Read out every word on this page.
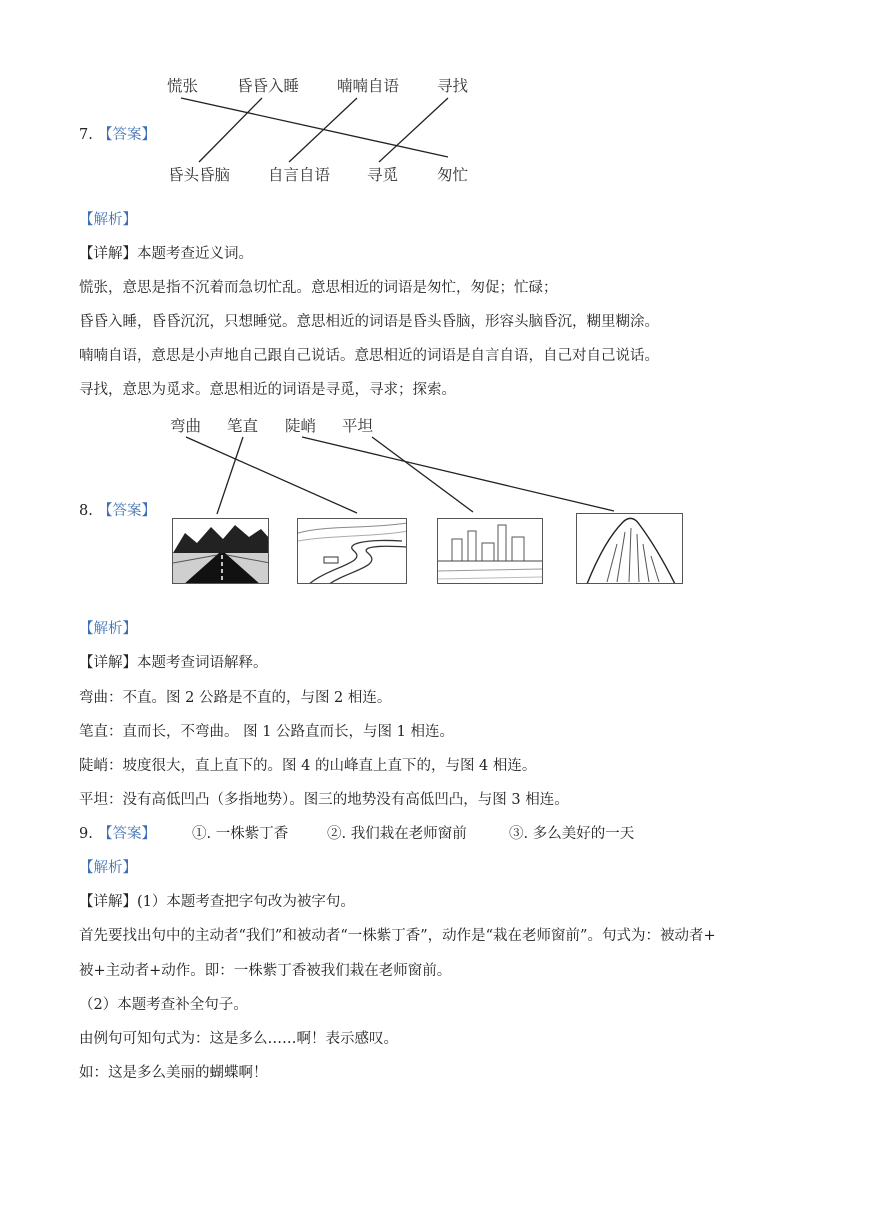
慌张	昏昏入睡 喃喃自语 寻找
7. 【答案】
昏头昏脑 自言自语 寻觅	匆忙
【解析】
【详解】本题考查近义词。
慌张，意思是指不沉着而急切忙乱。意思相近的词语是匆忙，匆促；忙碌；
昏昏入睡，昏昏沉沉，只想睡觉。意思相近的词语是昏头昏脑，形容头脑昏沉，糊里糊涂。
喃喃自语，意思是小声地自己跟自己说话。意思相近的词语是自言自语，自己对自己说话。
寻找，意思为觅求。意思相近的词语是寻觅，寻求；探索。
弯曲 笔直 陡峭 平坦
8. 【答案】
【解析】
【详解】本题考查词语解释。
弯曲：不直。图 2 公路是不直的，与图 2 相连。
笔直：直而长，不弯曲。 图 1 公路直而长，与图 1 相连。
陡峭：坡度很大，直上直下的。图 4 的山峰直上直下的，与图 4 相连。
平坦：没有高低凹凸（多指地势）。图三的地势没有高低凹凸，与图 3 相连。
9. 【答案】 ①. 一株紫丁香	②. 我们栽在老师窗前	③. 多么美好的一天
【解析】
【详解】(1）本题考查把字句改为被字句。
首先要找出句中的主动者“我们”和被动者“一株紫丁香”，动作是“栽在老师窗前”。句式为：被动者+
被+主动者+动作。即：一株紫丁香被我们栽在老师窗前。
（2）本题考查补全句子。
由例句可知句式为：这是多么……啊！表示感叹。
如：这是多么美丽的蝴蝶啊！
